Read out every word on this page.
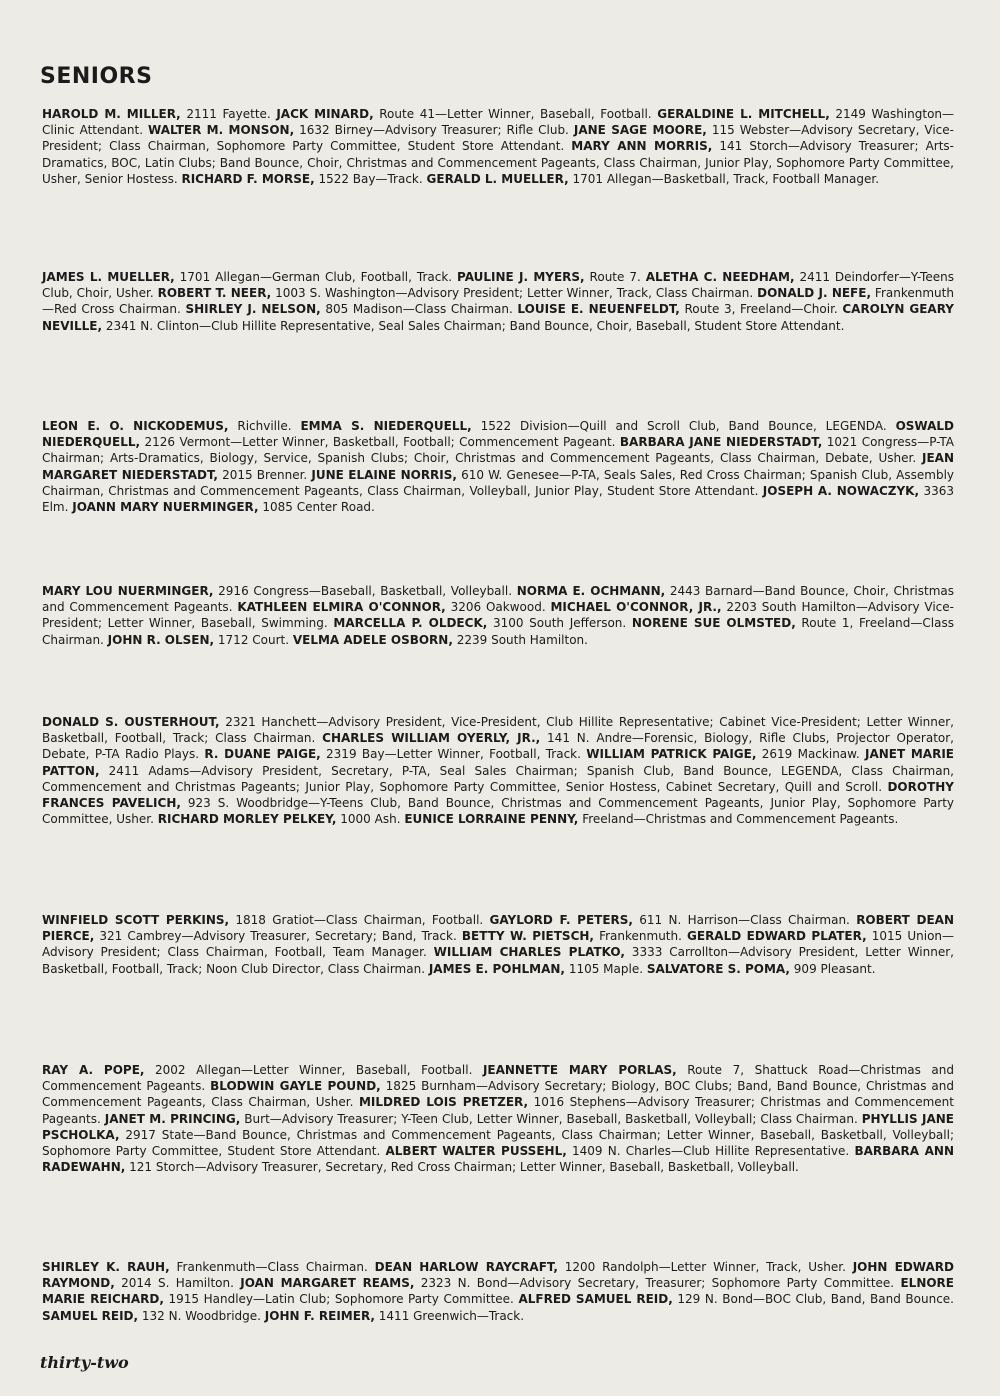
SENIORS

HAROLD M. MILLER, 2111 Fayette. JACK MINARD, Route 41—Letter Winner, Baseball, Football. GERALDINE L. MITCHELL, 2149 Washington—Clinic Attendant. WALTER M. MONSON, 1632 Birney—Advisory Treasurer; Rifle Club. JANE SAGE MOORE, 115 Webster—Advisory Secretary, Vice-President; Class Chairman, Sophomore Party Committee, Student Store Attendant. MARY ANN MORRIS, 141 Storch—Advisory Treasurer; Arts-Dramatics, BOC, Latin Clubs; Band Bounce, Choir, Christmas and Commencement Pageants, Class Chairman, Junior Play, Sophomore Party Committee, Usher, Senior Hostess. RICHARD F. MORSE, 1522 Bay—Track. GERALD L. MUELLER, 1701 Allegan—Basketball, Track, Football Manager.

JAMES L. MUELLER, 1701 Allegan—German Club, Football, Track. PAULINE J. MYERS, Route 7. ALETHA C. NEEDHAM, 2411 Deindorfer—Y-Teens Club, Choir, Usher. ROBERT T. NEER, 1003 S. Washington—Advisory President; Letter Winner, Track, Class Chairman. DONALD J. NEFE, Frankenmuth—Red Cross Chairman. SHIRLEY J. NELSON, 805 Madison—Class Chairman. LOUISE E. NEUENFELDT, Route 3, Freeland—Choir. CAROLYN GEARY NEVILLE, 2341 N. Clinton—Club Hillite Representative, Seal Sales Chairman; Band Bounce, Choir, Baseball, Student Store Attendant.

LEON E. O. NICKODEMUS, Richville. EMMA S. NIEDERQUELL, 1522 Division—Quill and Scroll Club, Band Bounce, LEGENDA. OSWALD NIEDERQUELL, 2126 Vermont—Letter Winner, Basketball, Football; Commencement Pageant. BARBARA JANE NIEDERSTADT, 1021 Congress—P-TA Chairman; Arts-Dramatics, Biology, Service, Spanish Clubs; Choir, Christmas and Commencement Pageants, Class Chairman, Debate, Usher. JEAN MARGARET NIEDERSTADT, 2015 Brenner. JUNE ELAINE NORRIS, 610 W. Genesee—P-TA, Seals Sales, Red Cross Chairman; Spanish Club, Assembly Chairman, Christmas and Commencement Pageants, Class Chairman, Volleyball, Junior Play, Student Store Attendant. JOSEPH A. NOWACZYK, 3363 Elm. JOANN MARY NUERMINGER, 1085 Center Road.

MARY LOU NUERMINGER, 2916 Congress—Baseball, Basketball, Volleyball. NORMA E. OCHMANN, 2443 Barnard—Band Bounce, Choir, Christmas and Commencement Pageants. KATHLEEN ELMIRA O'CONNOR, 3206 Oakwood. MICHAEL O'CONNOR, JR., 2203 South Hamilton—Advisory Vice-President; Letter Winner, Baseball, Swimming. MARCELLA P. OLDECK, 3100 South Jefferson. NORENE SUE OLMSTED, Route 1, Freeland—Class Chairman. JOHN R. OLSEN, 1712 Court. VELMA ADELE OSBORN, 2239 South Hamilton.

DONALD S. OUSTERHOUT, 2321 Hanchett—Advisory President, Vice-President, Club Hillite Representative; Cabinet Vice-President; Letter Winner, Basketball, Football, Track; Class Chairman. CHARLES WILLIAM OYERLY, JR., 141 N. Andre—Forensic, Biology, Rifle Clubs, Projector Operator, Debate, P-TA Radio Plays. R. DUANE PAIGE, 2319 Bay—Letter Winner, Football, Track. WILLIAM PATRICK PAIGE, 2619 Mackinaw. JANET MARIE PATTON, 2411 Adams—Advisory President, Secretary, P-TA, Seal Sales Chairman; Spanish Club, Band Bounce, LEGENDA, Class Chairman, Commencement and Christmas Pageants; Junior Play, Sophomore Party Committee, Senior Hostess, Cabinet Secretary, Quill and Scroll. DOROTHY FRANCES PAVELICH, 923 S. Woodbridge—Y-Teens Club, Band Bounce, Christmas and Commencement Pageants, Junior Play, Sophomore Party Committee, Usher. RICHARD MORLEY PELKEY, 1000 Ash. EUNICE LORRAINE PENNY, Freeland—Christmas and Commencement Pageants.

WINFIELD SCOTT PERKINS, 1818 Gratiot—Class Chairman, Football. GAYLORD F. PETERS, 611 N. Harrison—Class Chairman. ROBERT DEAN PIERCE, 321 Cambrey—Advisory Treasurer, Secretary; Band, Track. BETTY W. PIETSCH, Frankenmuth. GERALD EDWARD PLATER, 1015 Union—Advisory President; Class Chairman, Football, Team Manager. WILLIAM CHARLES PLATKO, 3333 Carrollton—Advisory President, Letter Winner, Basketball, Football, Track; Noon Club Director, Class Chairman. JAMES E. POHLMAN, 1105 Maple. SALVATORE S. POMA, 909 Pleasant.

RAY A. POPE, 2002 Allegan—Letter Winner, Baseball, Football. JEANNETTE MARY PORLAS, Route 7, Shattuck Road—Christmas and Commencement Pageants. BLODWIN GAYLE POUND, 1825 Burnham—Advisory Secretary; Biology, BOC Clubs; Band, Band Bounce, Christmas and Commencement Pageants, Class Chairman, Usher. MILDRED LOIS PRETZER, 1016 Stephens—Advisory Treasurer; Christmas and Commencement Pageants. JANET M. PRINCING, Burt—Advisory Treasurer; Y-Teen Club, Letter Winner, Baseball, Basketball, Volleyball; Class Chairman. PHYLLIS JANE PSCHOLKA, 2917 State—Band Bounce, Christmas and Commencement Pageants, Class Chairman; Letter Winner, Baseball, Basketball, Volleyball; Sophomore Party Committee, Student Store Attendant. ALBERT WALTER PUSSEHL, 1409 N. Charles—Club Hillite Representative. BARBARA ANN RADEWAHN, 121 Storch—Advisory Treasurer, Secretary, Red Cross Chairman; Letter Winner, Baseball, Basketball, Volleyball.

SHIRLEY K. RAUH, Frankenmuth—Class Chairman. DEAN HARLOW RAYCRAFT, 1200 Randolph—Letter Winner, Track, Usher. JOHN EDWARD RAYMOND, 2014 S. Hamilton. JOAN MARGARET REAMS, 2323 N. Bond—Advisory Secretary, Treasurer; Sophomore Party Committee. ELNORE MARIE REICHARD, 1915 Handley—Latin Club; Sophomore Party Committee. ALFRED SAMUEL REID, 129 N. Bond—BOC Club, Band, Band Bounce. SAMUEL REID, 132 N. Woodbridge. JOHN F. REIMER, 1411 Greenwich—Track.

thirty-two
